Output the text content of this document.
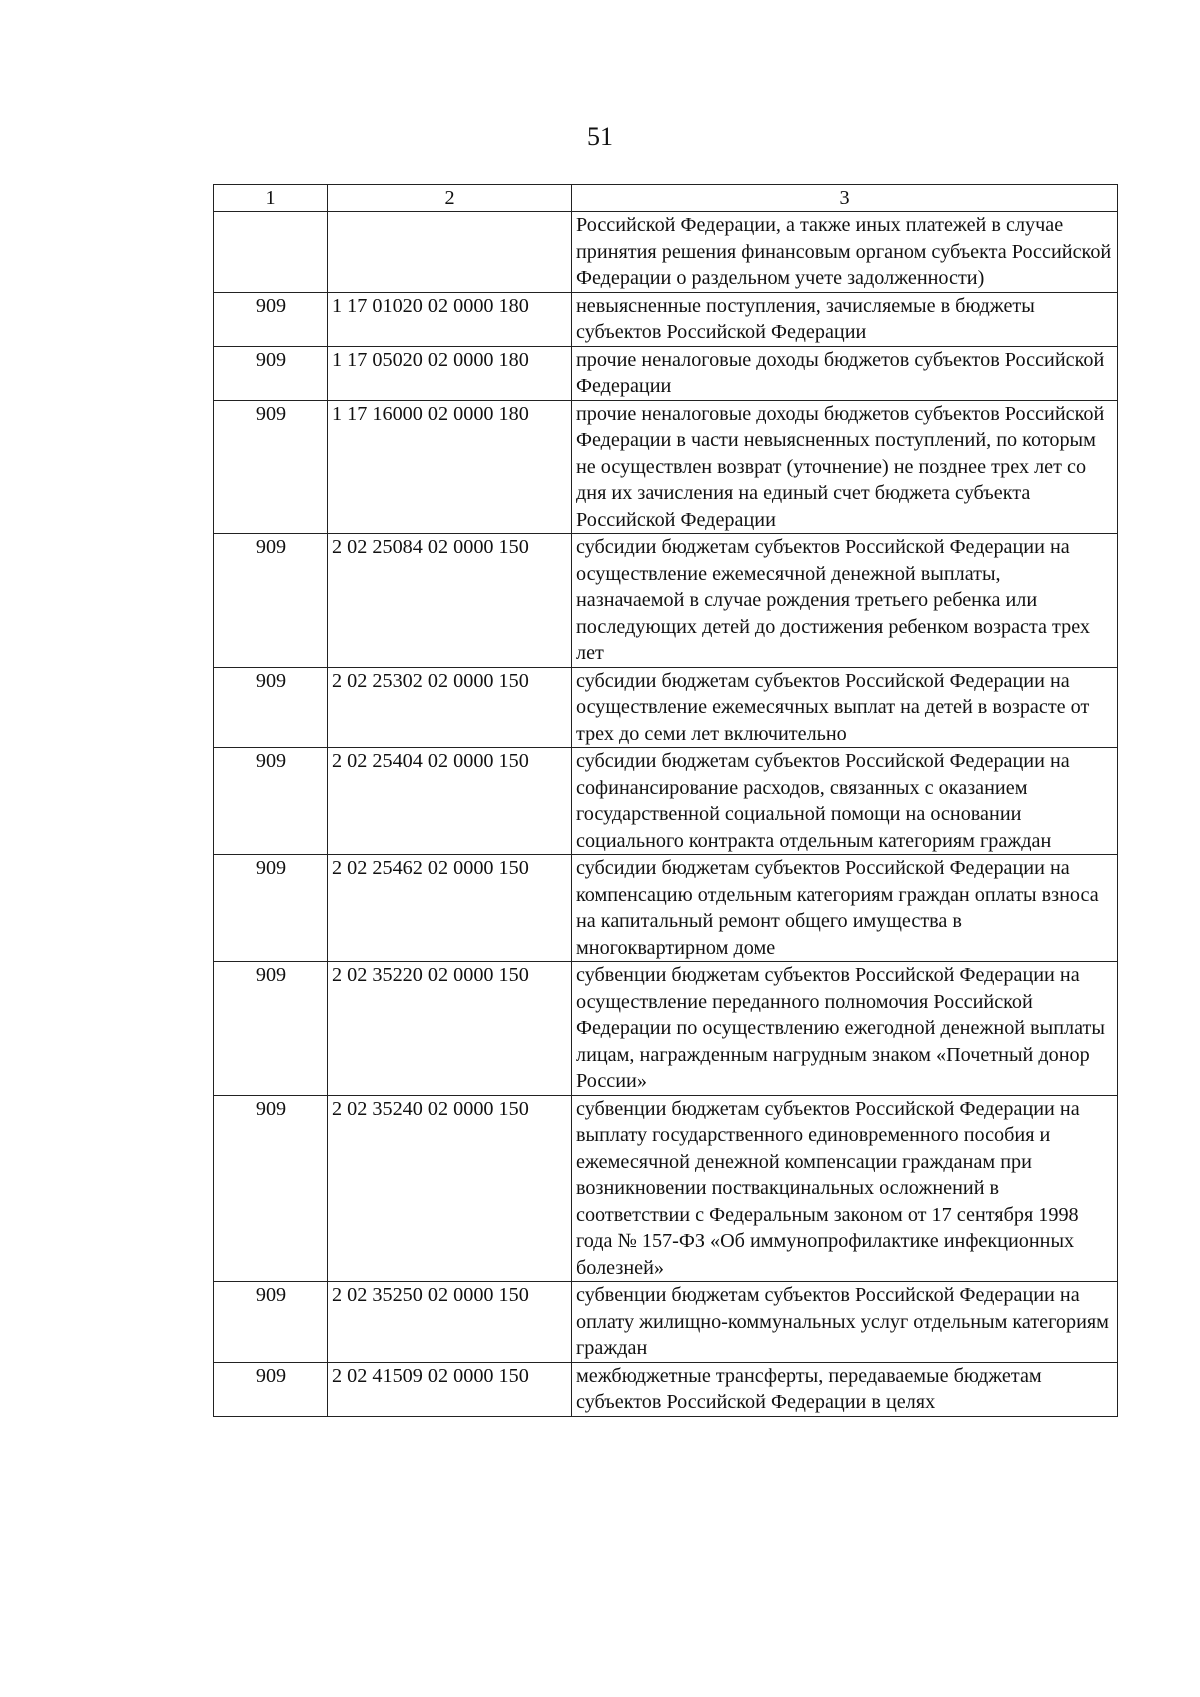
51
1	2	3
		Российской Федерации, а также иных платежей в случае принятия решения финансовым органом субъекта Российской Федерации о раздельном учете задолженности)
909	1 17 01020 02 0000 180	невыясненные поступления, зачисляемые в бюджеты субъектов Российской Федерации
909	1 17 05020 02 0000 180	прочие неналоговые доходы бюджетов субъектов Российской Федерации
909	1 17 16000 02 0000 180	прочие неналоговые доходы бюджетов субъектов Российской Федерации в части невыясненных поступлений, по которым не осуществлен возврат (уточнение) не позднее трех лет со дня их зачисления на единый счет бюджета субъекта Российской Федерации
909	2 02 25084 02 0000 150	субсидии бюджетам субъектов Российской Федерации на осуществление ежемесячной денежной выплаты, назначаемой в случае рождения третьего ребенка или последующих детей до достижения ребенком возраста трех лет
909	2 02 25302 02 0000 150	субсидии бюджетам субъектов Российской Федерации на осуществление ежемесячных выплат на детей в возрасте от трех до семи лет включительно
909	2 02 25404 02 0000 150	субсидии бюджетам субъектов Российской Федерации на софинансирование расходов, связанных с оказанием государственной социальной помощи на основании социального контракта отдельным категориям граждан
909	2 02 25462 02 0000 150	субсидии бюджетам субъектов Российской Федерации на компенсацию отдельным категориям граждан оплаты взноса на капитальный ремонт общего имущества в многоквартирном доме
909	2 02 35220 02 0000 150	субвенции бюджетам субъектов Российской Федерации на осуществление переданного полномочия Российской Федерации по осуществлению ежегодной денежной выплаты лицам, награжденным нагрудным знаком «Почетный донор России»
909	2 02 35240 02 0000 150	субвенции бюджетам субъектов Российской Федерации на выплату государственного единовременного пособия и ежемесячной денежной компенсации гражданам при возникновении поствакцинальных осложнений в соответствии с Федеральным законом от 17 сентября 1998 года № 157-ФЗ «Об иммунопрофилактике инфекционных болезней»
909	2 02 35250 02 0000 150	субвенции бюджетам субъектов Российской Федерации на оплату жилищно-коммунальных услуг отдельным категориям граждан
909	2 02 41509 02 0000 150	межбюджетные трансферты, передаваемые бюджетам субъектов Российской Федерации в целях
